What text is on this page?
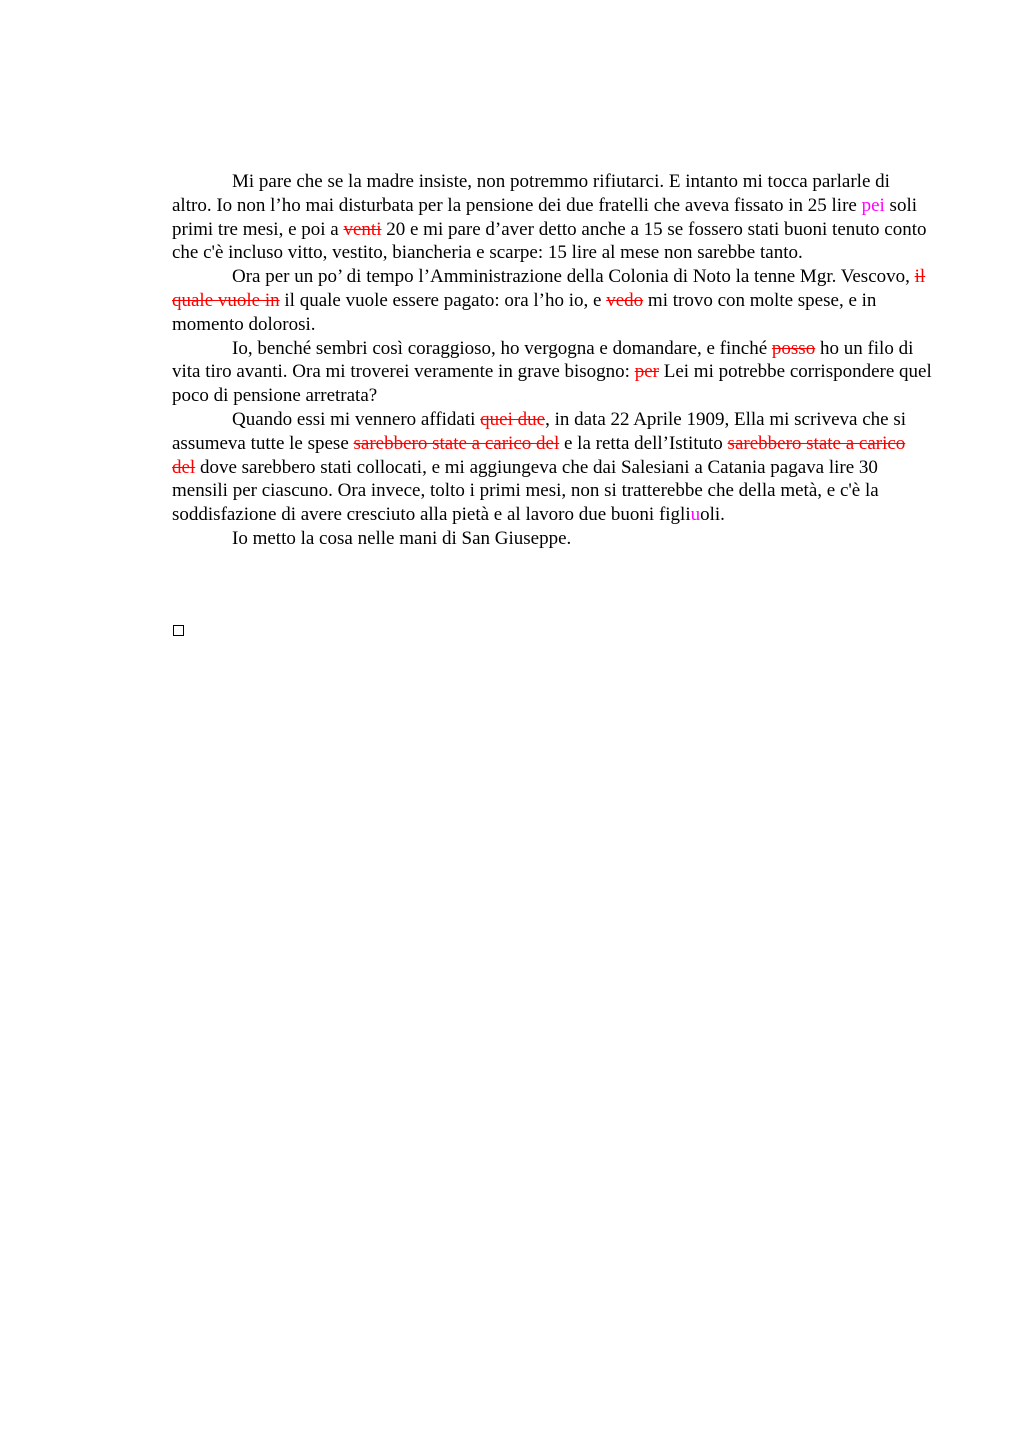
Mi pare che se la madre insiste, non potremmo rifiutarci. E intanto mi tocca parlarle di altro. Io non l’ho mai disturbata per la pensione dei due fratelli che aveva fissato in 25 lire pei soli primi tre mesi, e poi a venti 20 e mi pare d’aver detto anche a 15 se fossero stati buoni tenuto conto che c'è incluso vitto, vestito, biancheria e scarpe: 15 lire al mese non sarebbe tanto.

Ora per un po’ di tempo l’Amministrazione della Colonia di Noto la tenne Mgr. Vescovo, il quale vuole in il quale vuole essere pagato: ora l’ho io, e vedo mi trovo con molte spese, e in momento dolorosi.

Io, benché sembri così coraggioso, ho vergogna e domandare, e finché posso ho un filo di vita tiro avanti. Ora mi troverei veramente in grave bisogno: per Lei mi potrebbe corrispondere quel poco di pensione arretrata?

Quando essi mi vennero affidati quei due, in data 22 Aprile 1909, Ella mi scriveva che si assumeva tutte le spese sarebbero state a carico del e la retta dell’Istituto sarebbero state a carico del dove sarebbero stati collocati, e mi aggiungeva che dai Salesiani a Catania pagava lire 30 mensili per ciascuno. Ora invece, tolto i primi mesi, non si tratterebbe che della metà, e c'è la soddisfazione di avere cresciuto alla pietà e al lavoro due buoni figliuoli.

Io metto la cosa nelle mani di San Giuseppe.
